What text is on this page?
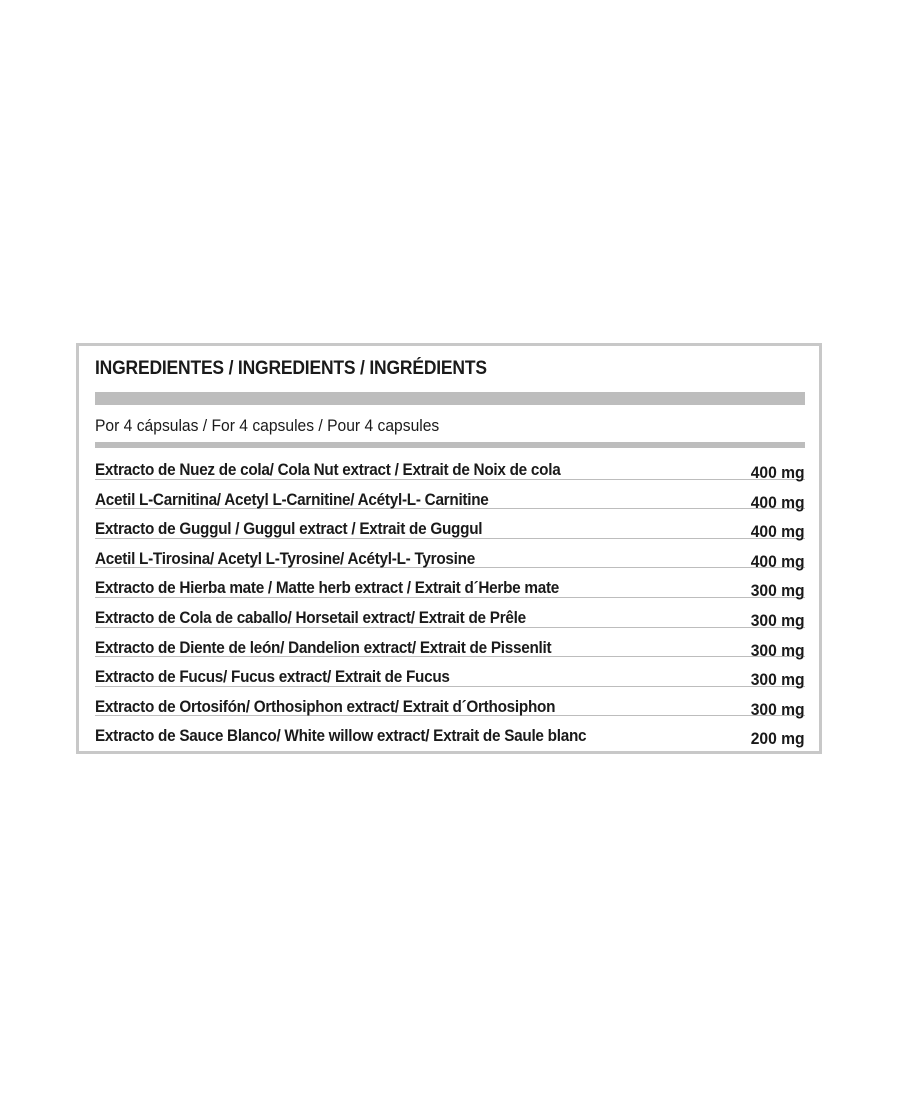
INGREDIENTES / INGREDIENTS / INGRÉDIENTS
Por 4 cápsulas / For 4 capsules / Pour 4 capsules
Extracto de Nuez de cola/ Cola Nut extract / Extrait de Noix de cola	400 mg
Acetil L-Carnitina/ Acetyl L-Carnitine/ Acétyl-L- Carnitine	400 mg
Extracto de Guggul / Guggul extract / Extrait de Guggul	400 mg
Acetil L-Tirosina/ Acetyl L-Tyrosine/ Acétyl-L- Tyrosine	400 mg
Extracto de Hierba mate / Matte herb extract / Extrait d´Herbe mate	300 mg
Extracto de Cola de caballo/ Horsetail extract/ Extrait de Prêle	300 mg
Extracto de Diente de león/ Dandelion extract/ Extrait de Pissenlit	300 mg
Extracto de Fucus/ Fucus extract/ Extrait de Fucus	300 mg
Extracto de Ortosifón/ Orthosiphon extract/ Extrait d´Orthosiphon	300 mg
Extracto de Sauce Blanco/ White willow extract/ Extrait de Saule blanc	200 mg
